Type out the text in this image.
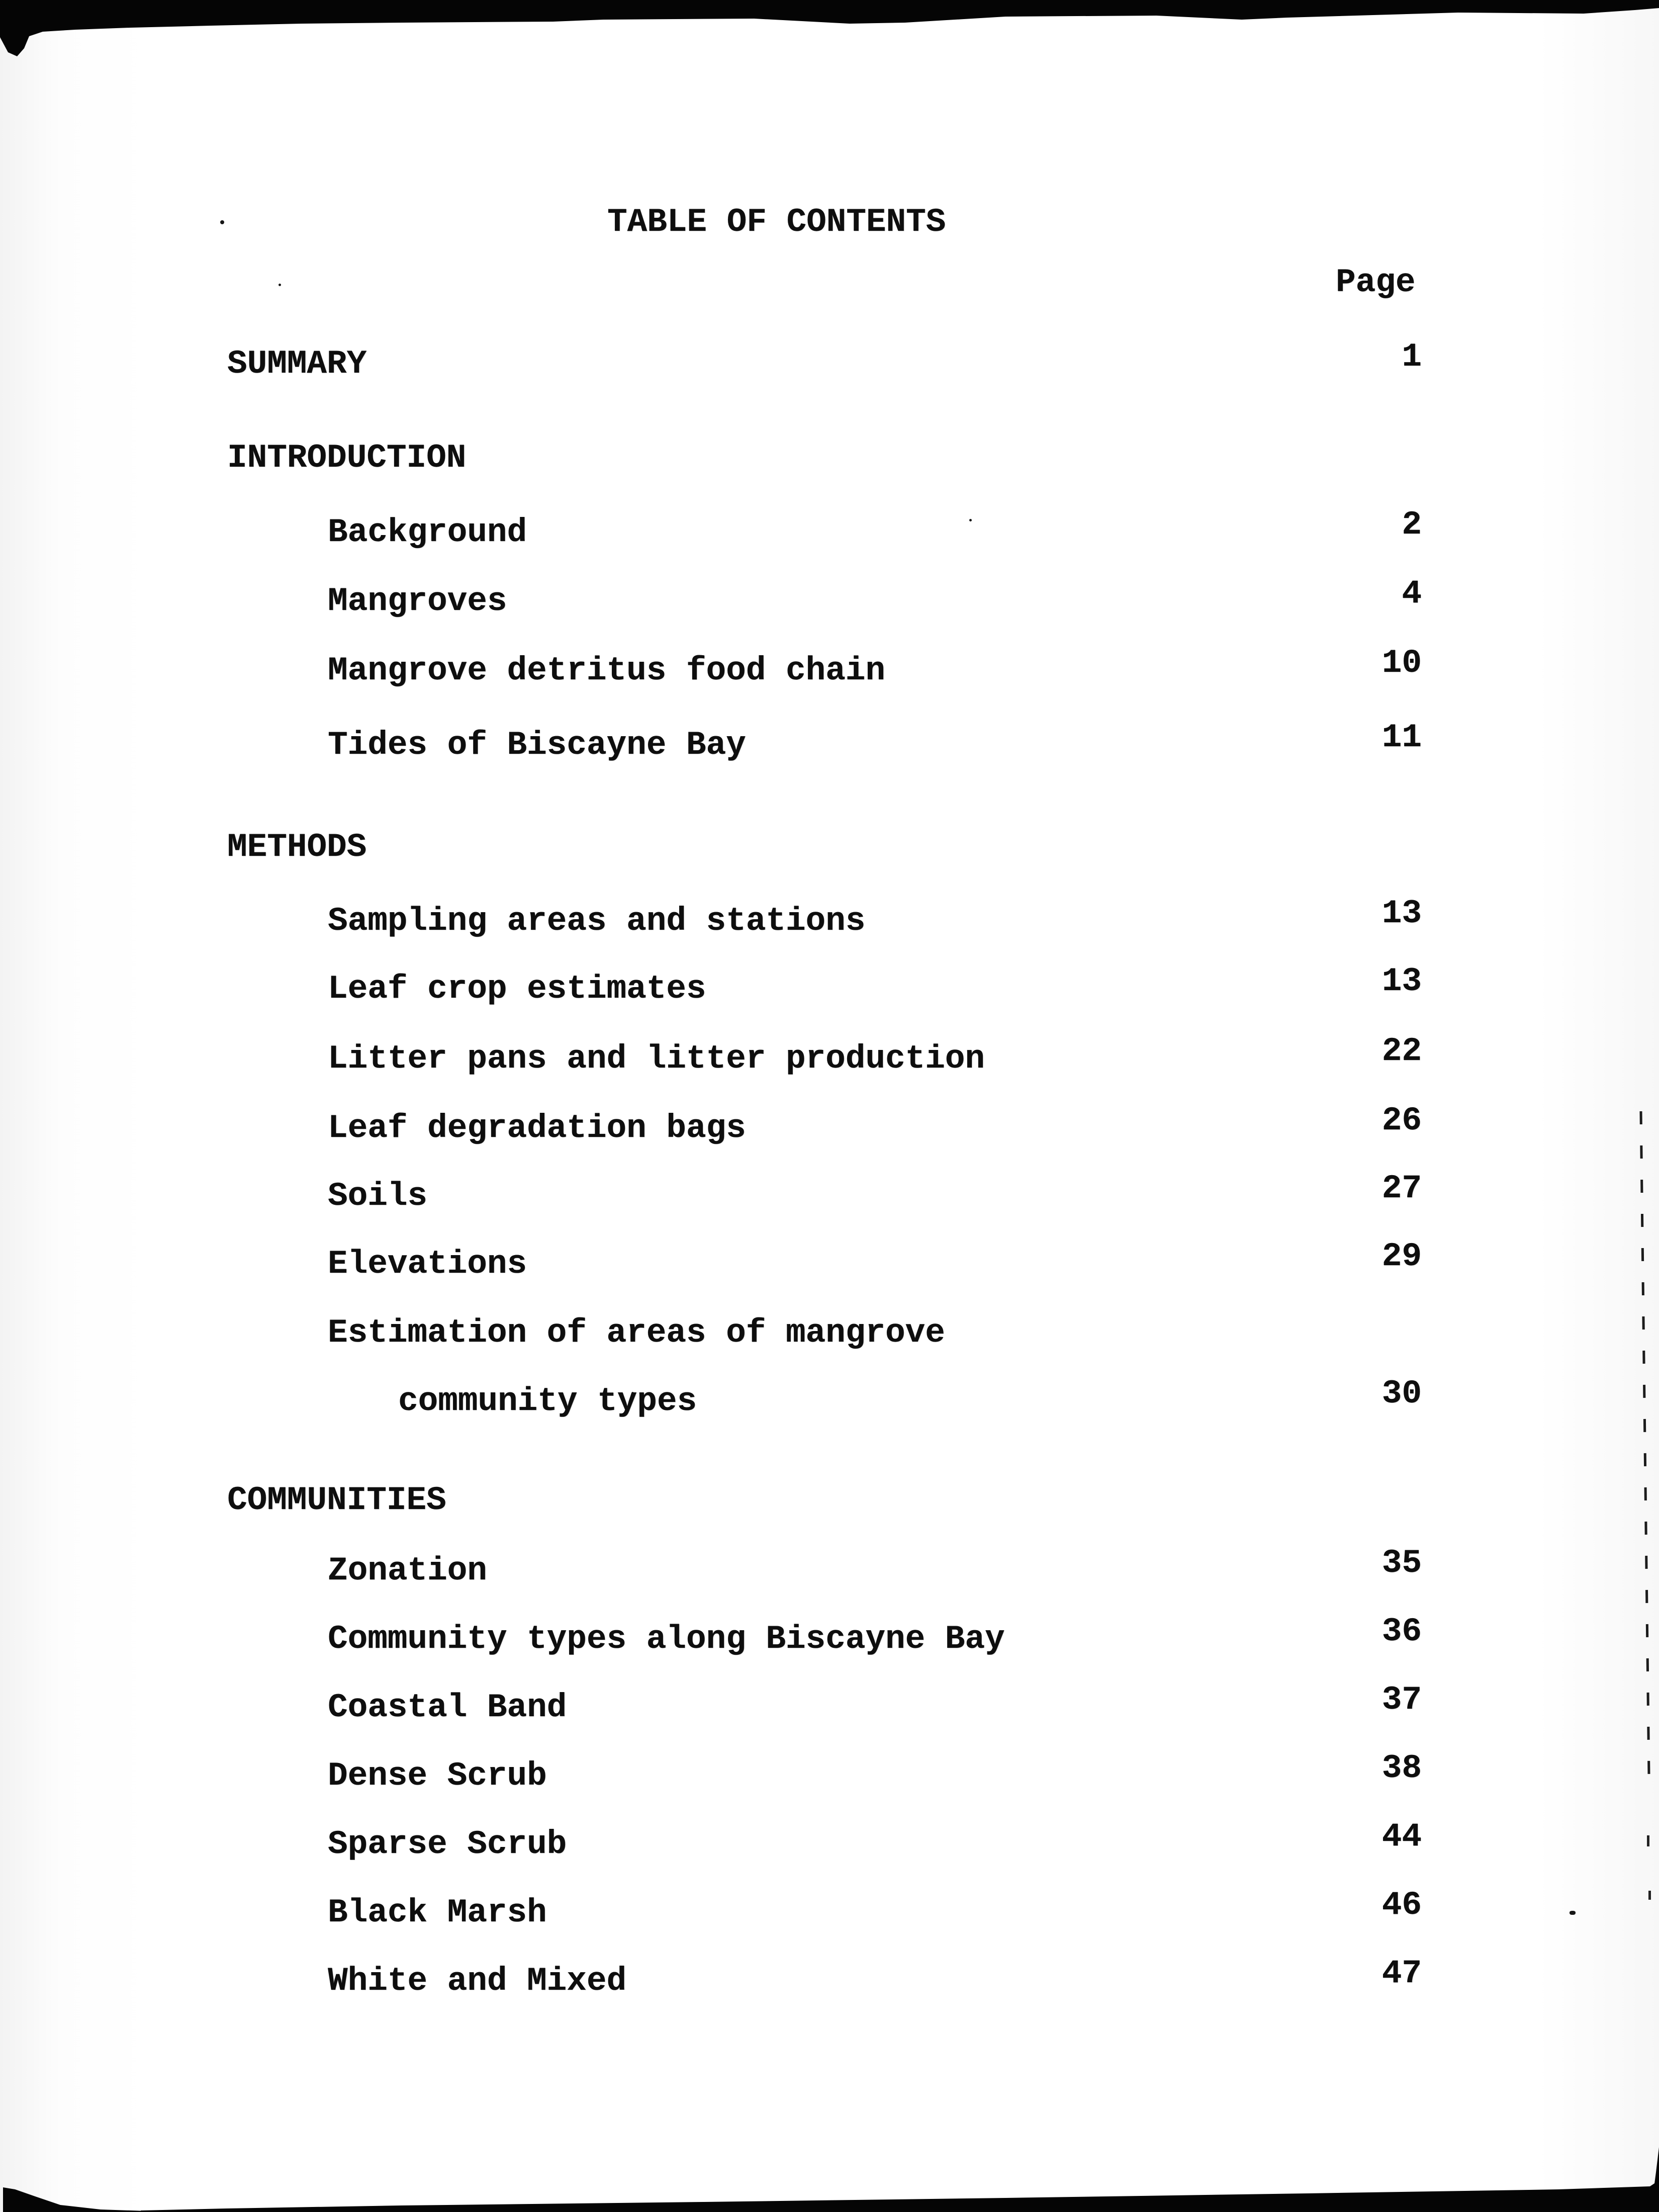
TABLE OF CONTENTS
Page
SUMMARY	1
INTRODUCTION
Background	2
Mangroves	4
Mangrove detritus food chain	10
Tides of Biscayne Bay	11
METHODS
Sampling areas and stations	13
Leaf crop estimates	13
Litter pans and litter production	22
Leaf degradation bags	26
Soils	27
Elevations	29
Estimation of areas of mangrove
community types	30
COMMUNITIES
Zonation	35
Community types along Biscayne Bay	36
Coastal Band	37
Dense Scrub	38
Sparse Scrub	44
Black Marsh	46
White and Mixed	47
